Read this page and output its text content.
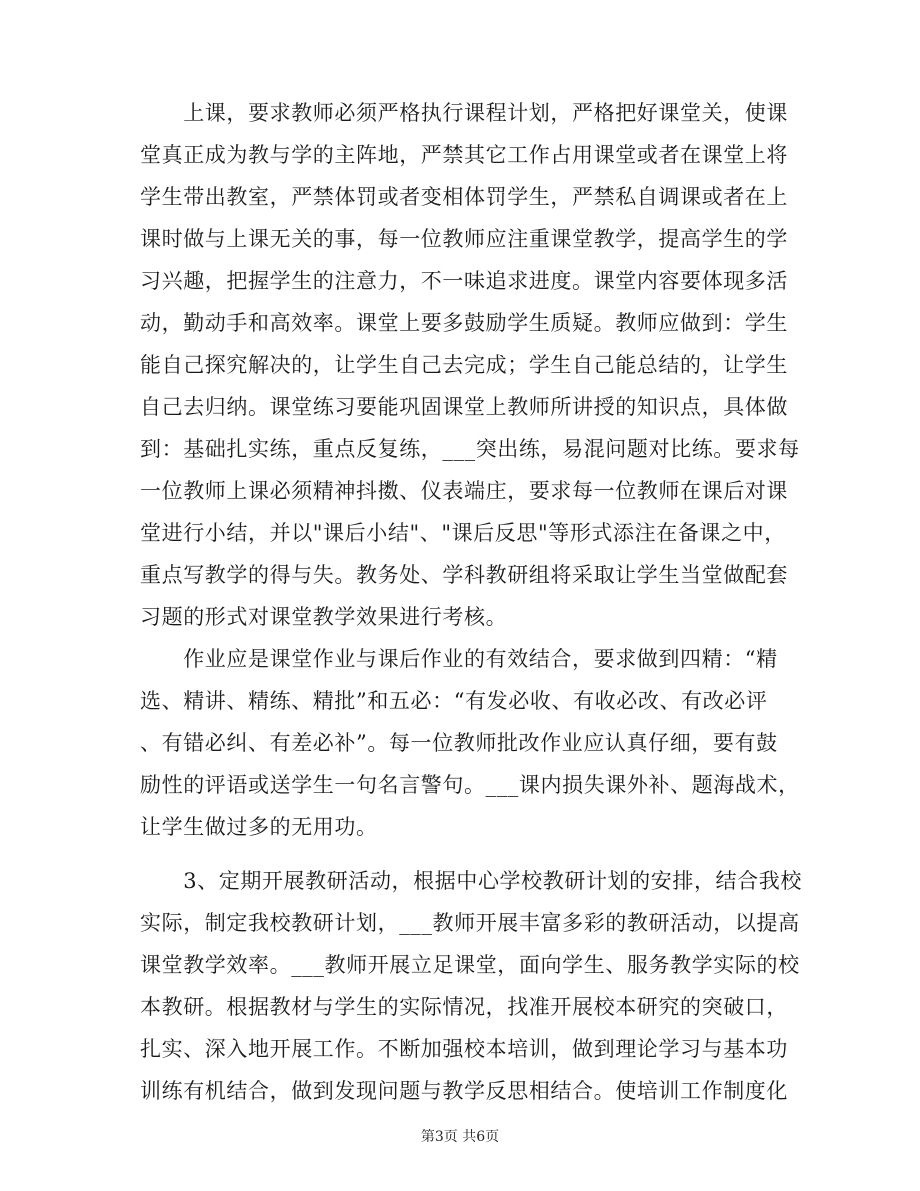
　　上课，要求教师必须严格执行课程计划，严格把好课堂关，使课
堂真正成为教与学的主阵地，严禁其它工作占用课堂或者在课堂上将
学生带出教室，严禁体罚或者变相体罚学生，严禁私自调课或者在上
课时做与上课无关的事，每一位教师应注重课堂教学，提高学生的学
习兴趣，把握学生的注意力，不一味追求进度。课堂内容要体现多活
动，勤动手和高效率。课堂上要多鼓励学生质疑。教师应做到：学生
能自己探究解决的，让学生自己去完成；学生自己能总结的，让学生
自己去归纳。课堂练习要能巩固课堂上教师所讲授的知识点，具体做
到：基础扎实练，重点反复练，___突出练，易混问题对比练。要求每
一位教师上课必须精神抖擞、仪表端庄，要求每一位教师在课后对课
堂进行小结，并以"课后小结"、"课后反思"等形式添注在备课之中，
重点写教学的得与失。教务处、学科教研组将采取让学生当堂做配套
习题的形式对课堂教学效果进行考核。
　　作业应是课堂作业与课后作业的有效结合，要求做到四精：“精
选、精讲、精练、精批”和五必：“有发必收、有收必改、有改必评
、有错必纠、有差必补”。每一位教师批改作业应认真仔细，要有鼓
励性的评语或送学生一句名言警句。___课内损失课外补、题海战术，
让学生做过多的无用功。
　　3、定期开展教研活动，根据中心学校教研计划的安排，结合我校
实际，制定我校教研计划，___教师开展丰富多彩的教研活动，以提高
课堂教学效率。___教师开展立足课堂，面向学生、服务教学实际的校
本教研。根据教材与学生的实际情况，找准开展校本研究的突破口，
扎实、深入地开展工作。不断加强校本培训，做到理论学习与基本功
训练有机结合，做到发现问题与教学反思相结合。使培训工作制度化
第3页 共6页
